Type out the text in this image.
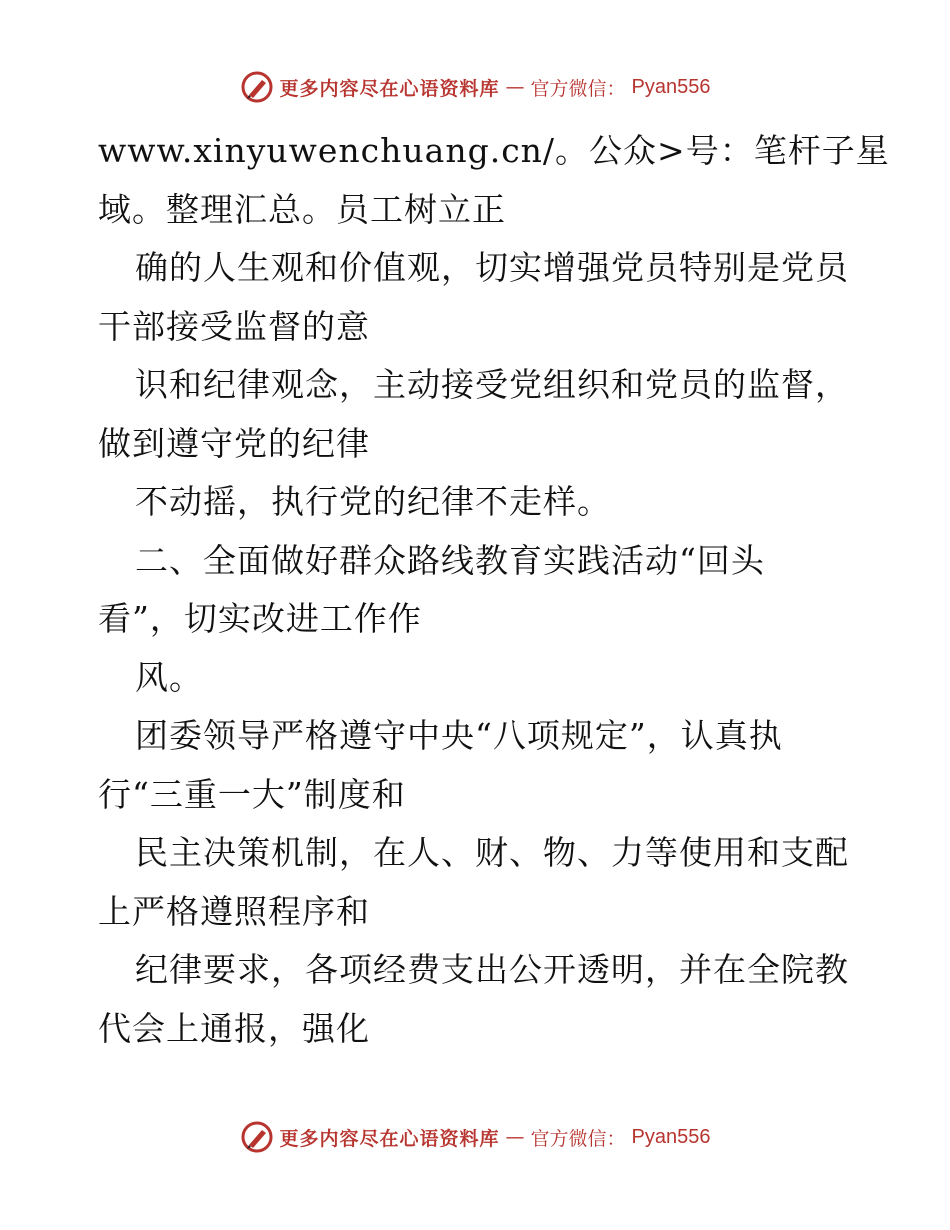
更多内容尽在心语资料库 — 官方微信： Pyan556
www.xinyuwenchuang.cn/。公众>号：笔杆子星
域。整理汇总。员工树立正
确的人生观和价值观，切实增强党员特别是党员
干部接受监督的意
识和纪律观念，主动接受党组织和党员的监督，
做到遵守党的纪律
不动摇，执行党的纪律不走样。
二、全面做好群众路线教育实践活动“回头
看”，切实改进工作作
风。
团委领导严格遵守中央“八项规定”，认真执
行“三重一大”制度和
民主决策机制，在人、财、物、力等使用和支配
上严格遵照程序和
纪律要求，各项经费支出公开透明，并在全院教
代会上通报，强化
更多内容尽在心语资料库 — 官方微信： Pyan556
